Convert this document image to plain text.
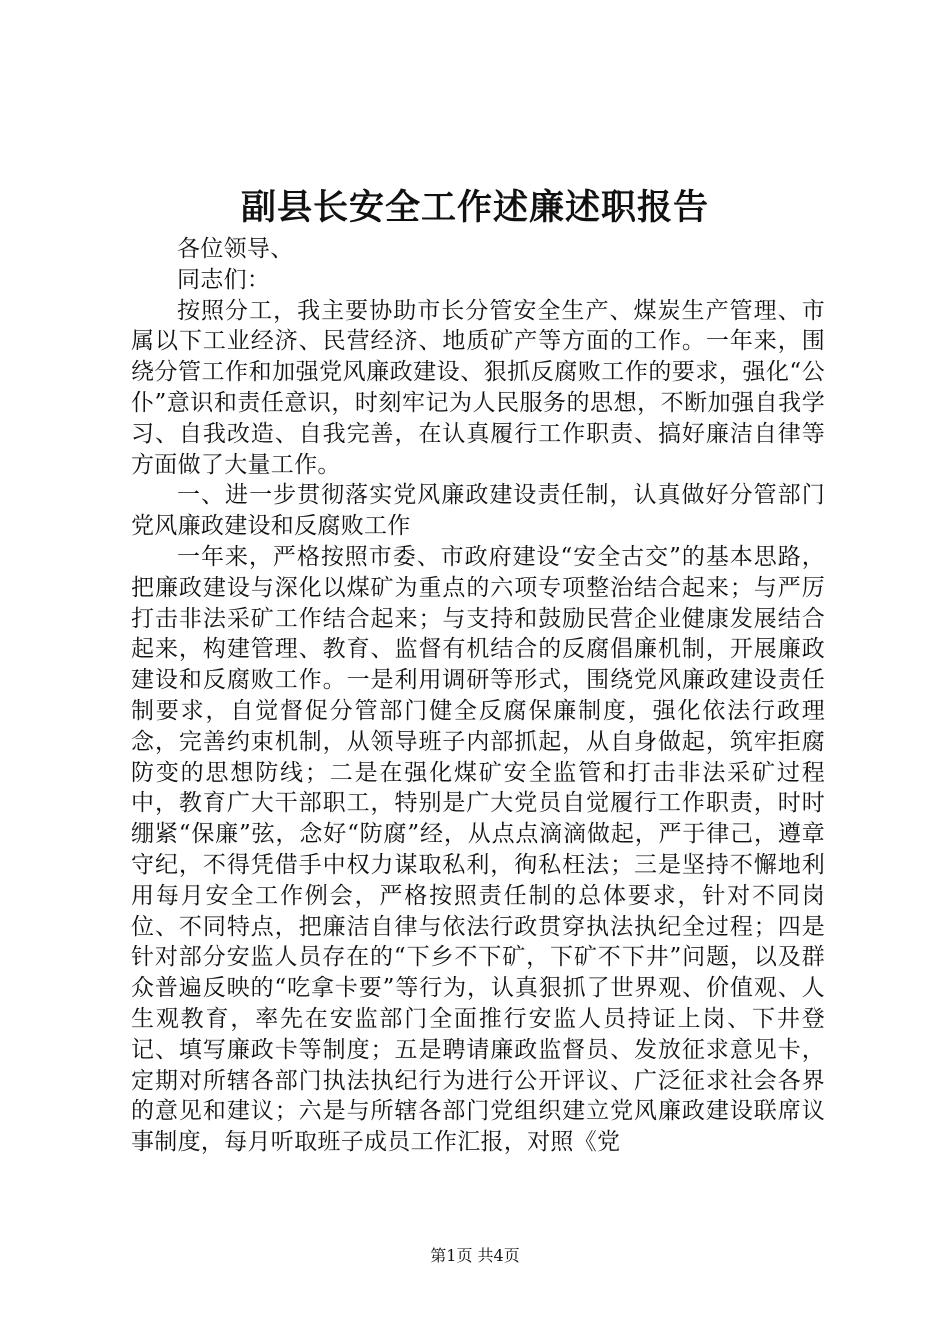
副县长安全工作述廉述职报告

各位领导、

同志们：

按照分工，我主要协助市长分管安全生产、煤炭生产管理、市属以下工业经济、民营经济、地质矿产等方面的工作。一年来，围绕分管工作和加强党风廉政建设、狠抓反腐败工作的要求，强化“公仆”意识和责任意识，时刻牢记为人民服务的思想，不断加强自我学习、自我改造、自我完善，在认真履行工作职责、搞好廉洁自律等方面做了大量工作。

一、进一步贯彻落实党风廉政建设责任制，认真做好分管部门党风廉政建设和反腐败工作

一年来，严格按照市委、市政府建设“安全古交”的基本思路，把廉政建设与深化以煤矿为重点的六项专项整治结合起来；与严厉打击非法采矿工作结合起来；与支持和鼓励民营企业健康发展结合起来，构建管理、教育、监督有机结合的反腐倡廉机制，开展廉政建设和反腐败工作。一是利用调研等形式，围绕党风廉政建设责任制要求，自觉督促分管部门健全反腐保廉制度，强化依法行政理念，完善约束机制，从领导班子内部抓起，从自身做起，筑牢拒腐防变的思想防线；二是在强化煤矿安全监管和打击非法采矿过程中，教育广大干部职工，特别是广大党员自觉履行工作职责，时时绷紧“保廉”弦，念好“防腐”经，从点点滴滴做起，严于律己，遵章守纪，不得凭借手中权力谋取私利，徇私枉法；三是坚持不懈地利用每月安全工作例会，严格按照责任制的总体要求，针对不同岗位、不同特点，把廉洁自律与依法行政贯穿执法执纪全过程；四是针对部分安监人员存在的“下乡不下矿，下矿不下井”问题，以及群众普遍反映的“吃拿卡要”等行为，认真狠抓了世界观、价值观、人生观教育，率先在安监部门全面推行安监人员持证上岗、下井登记、填写廉政卡等制度；五是聘请廉政监督员、发放征求意见卡，定期对所辖各部门执法执纪行为进行公开评议、广泛征求社会各界的意见和建议；六是与所辖各部门党组织建立党风廉政建设联席议事制度，每月听取班子成员工作汇报，对照《党

第1页 共4页
